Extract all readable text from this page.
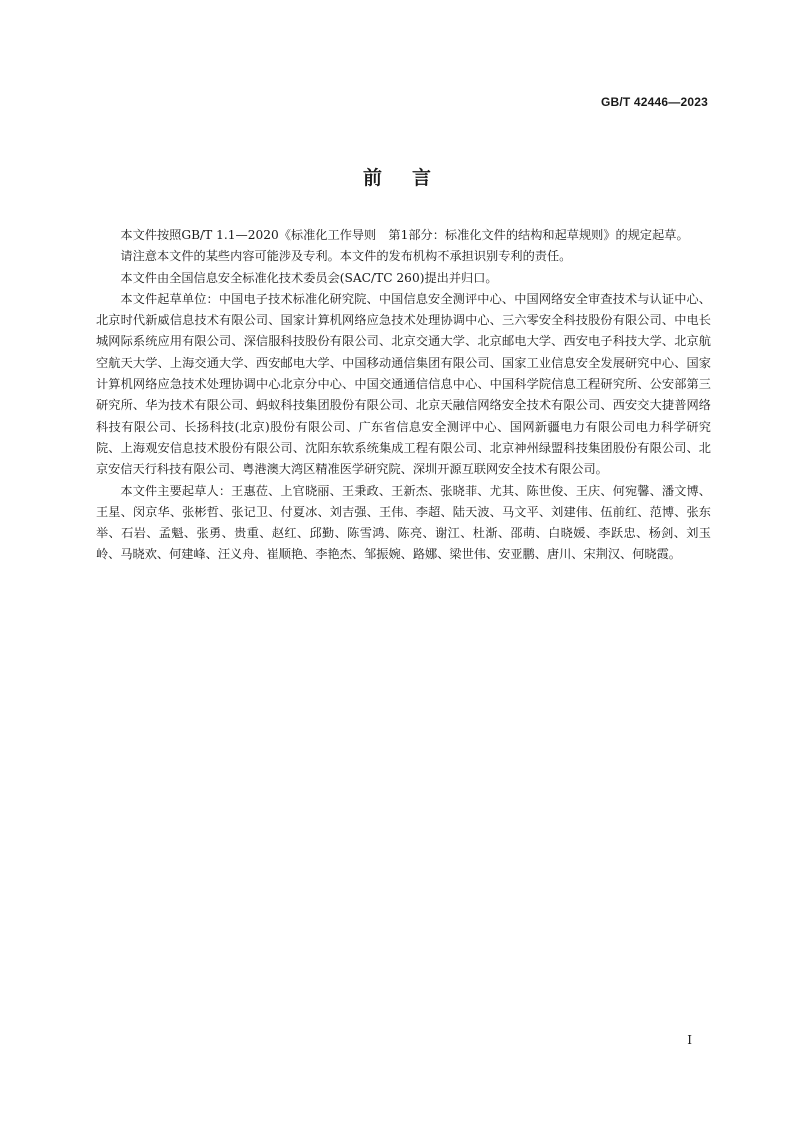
GB/T 42446—2023
前言

本文件按照GB/T 1.1—2020《标准化工作导则　第1部分：标准化文件的结构和起草规则》的规定起草。

请注意本文件的某些内容可能涉及专利。本文件的发布机构不承担识别专利的责任。

本文件由全国信息安全标准化技术委员会(SAC/TC 260)提出并归口。

本文件起草单位：中国电子技术标准化研究院、中国信息安全测评中心、中国网络安全审查技术与认证中心、北京时代新威信息技术有限公司、国家计算机网络应急技术处理协调中心、三六零安全科技股份有限公司、中电长城网际系统应用有限公司、深信服科技股份有限公司、北京交通大学、北京邮电大学、西安电子科技大学、北京航空航天大学、上海交通大学、西安邮电大学、中国移动通信集团有限公司、国家工业信息安全发展研究中心、国家计算机网络应急技术处理协调中心北京分中心、中国交通通信信息中心、中国科学院信息工程研究所、公安部第三研究所、华为技术有限公司、蚂蚁科技集团股份有限公司、北京天融信网络安全技术有限公司、西安交大捷普网络科技有限公司、长扬科技(北京)股份有限公司、广东省信息安全测评中心、国网新疆电力有限公司电力科学研究院、上海观安信息技术股份有限公司、沈阳东软系统集成工程有限公司、北京神州绿盟科技集团股份有限公司、北京安信天行科技有限公司、粤港澳大湾区精准医学研究院、深圳开源互联网安全技术有限公司。

本文件主要起草人：王惠莅、上官晓丽、王秉政、王新杰、张晓菲、尤其、陈世俊、王庆、何宛馨、潘文博、王星、闵京华、张彬哲、张记卫、付夏冰、刘吉强、王伟、李超、陆天波、马文平、刘建伟、伍前红、范博、张东举、石岩、孟魁、张勇、贵重、赵红、邱勤、陈雪鸿、陈亮、谢江、杜渐、邵萌、白晓媛、李跃忠、杨剑、刘玉岭、马晓欢、何建峰、汪义舟、崔顺艳、李艳杰、邹振婉、路娜、梁世伟、安亚鹏、唐川、宋荆汉、何晓霞。

I
